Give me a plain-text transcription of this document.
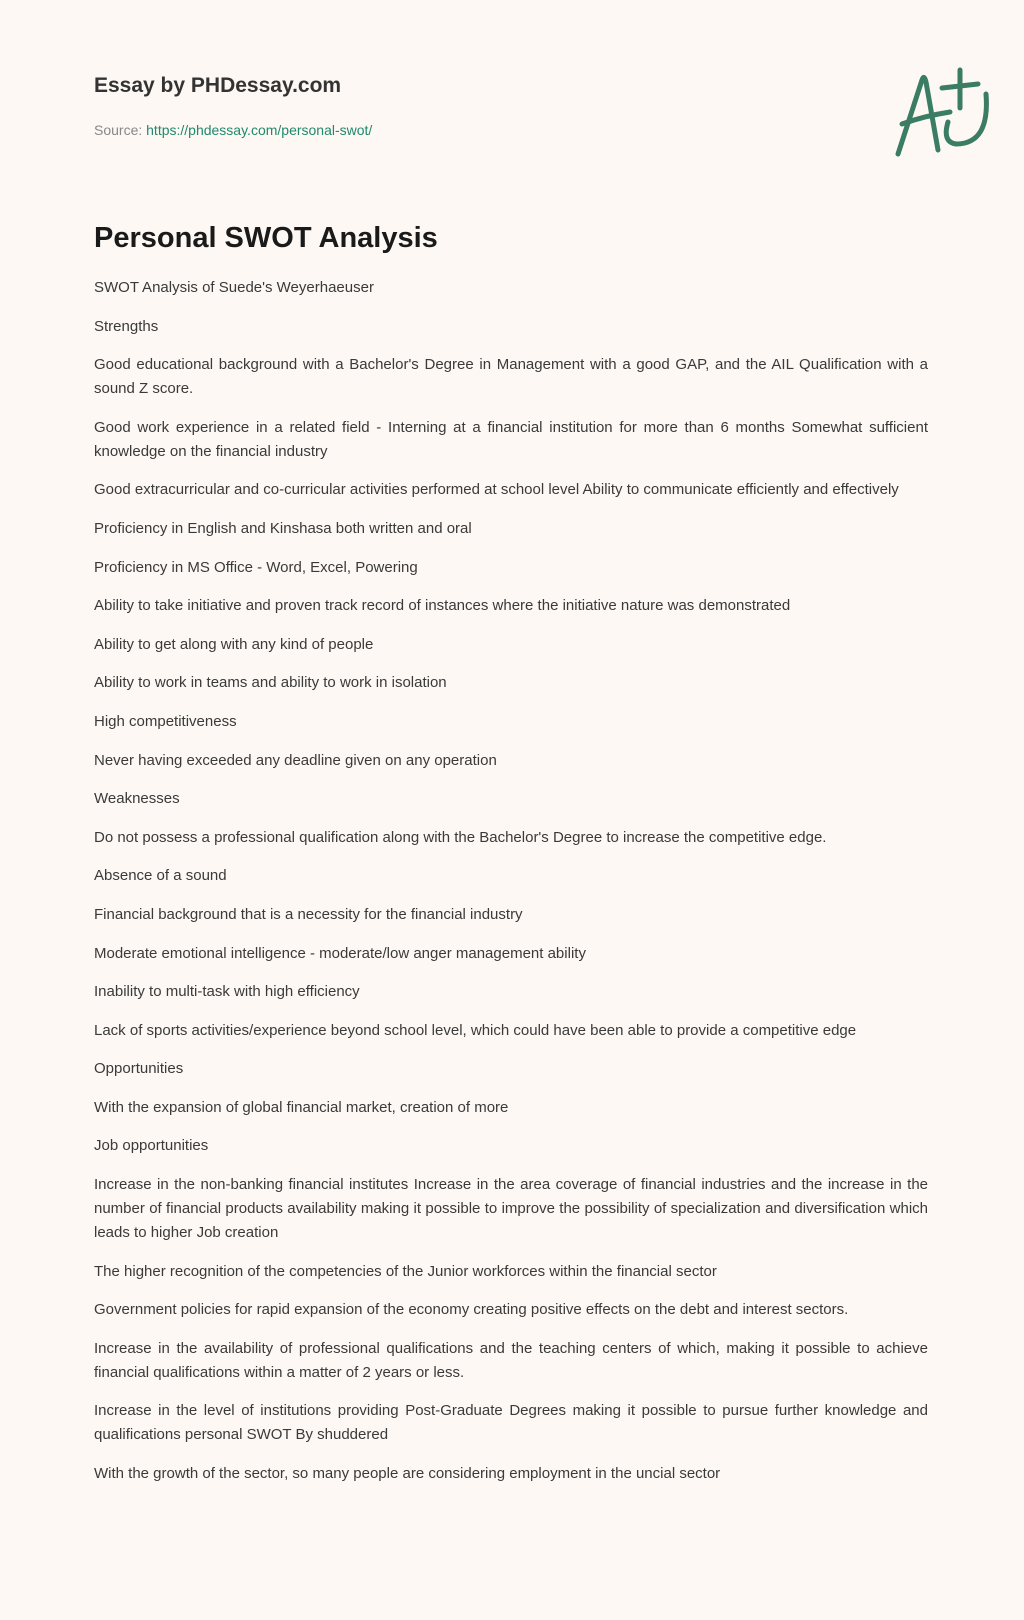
Essay by PHDessay.com

Source: https://phdessay.com/personal-swot/
Personal SWOT Analysis

SWOT Analysis of Suede's Weyerhaeuser

Strengths

Good educational background with a Bachelor's Degree in Management with a good GAP, and the AIL Qualification with a sound Z score.

Good work experience in a related field - Interning at a financial institution for more than 6 months Somewhat sufficient knowledge on the financial industry

Good extracurricular and co-curricular activities performed at school level Ability to communicate efficiently and effectively

Proficiency in English and Kinshasa both written and oral

Proficiency in MS Office - Word, Excel, Powering

Ability to take initiative and proven track record of instances where the initiative nature was demonstrated

Ability to get along with any kind of people

Ability to work in teams and ability to work in isolation

High competitiveness

Never having exceeded any deadline given on any operation

Weaknesses

Do not possess a professional qualification along with the Bachelor's Degree to increase the competitive edge.

Absence of a sound

Financial background that is a necessity for the financial industry

Moderate emotional intelligence - moderate/low anger management ability

Inability to multi-task with high efficiency

Lack of sports activities/experience beyond school level, which could have been able to provide a competitive edge

Opportunities

With the expansion of global financial market, creation of more

Job opportunities

Increase in the non-banking financial institutes Increase in the area coverage of financial industries and the increase in the number of financial products availability making it possible to improve the possibility of specialization and diversification which leads to higher Job creation

The higher recognition of the competencies of the Junior workforces within the financial sector

Government policies for rapid expansion of the economy creating positive effects on the debt and interest sectors.

Increase in the availability of professional qualifications and the teaching centers of which, making it possible to achieve financial qualifications within a matter of 2 years or less.

Increase in the level of institutions providing Post-Graduate Degrees making it possible to pursue further knowledge and qualifications personal SWOT By shuddered

With the growth of the sector, so many people are considering employment in the uncial sector
